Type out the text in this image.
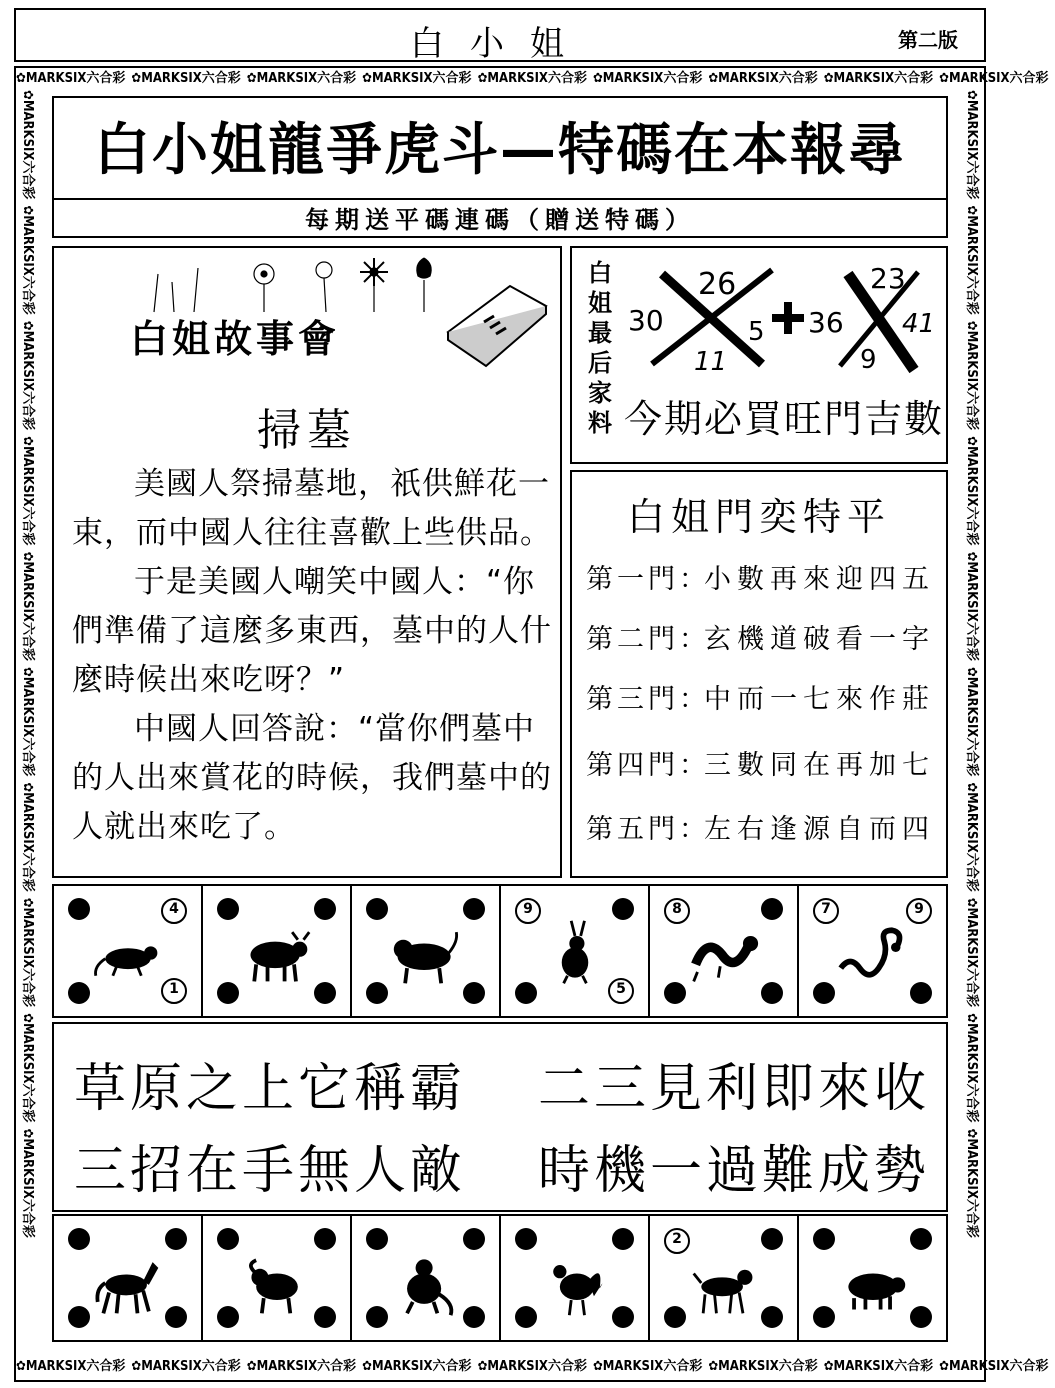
白小姐	第二版
✿MARKSIX六合彩 ✿MARKSIX六合彩 ✿MARKSIX六合彩 ✿MARKSIX六合彩 ✿MARKSIX六合彩 ✿MARKSIX六合彩 ✿MARKSIX六合彩 ✿MARKSIX六合彩 ✿MARKSIX六合彩
✿MARKSIX六合彩 ✿MARKSIX六合彩 ✿MARKSIX六合彩 ✿MARKSIX六合彩 ✿MARKSIX六合彩 ✿MARKSIX六合彩 ✿MARKSIX六合彩 ✿MARKSIX六合彩 ✿MARKSIX六合彩
✿MARKSIX六合彩✿MARKSIX六合彩✿MARKSIX六合彩✿MARKSIX六合彩✿MARKSIX六合彩✿MARKSIX六合彩✿MARKSIX六合彩✿MARKSIX六合彩✿MARKSIX六合彩✿MARKSIX六合彩
✿MARKSIX六合彩✿MARKSIX六合彩✿MARKSIX六合彩✿MARKSIX六合彩✿MARKSIX六合彩✿MARKSIX六合彩✿MARKSIX六合彩✿MARKSIX六合彩✿MARKSIX六合彩✿MARKSIX六合彩
白小姐龍爭虎斗—特碼在本報尋
每期送平碼連碼（贈送特碼）
白姐故事會
掃墓

美國人祭掃墓地，祇供鮮花一束，而中國人往往喜歡上些供品。

于是美國人嘲笑中國人：“你們準備了這麼多東西，墓中的人什麼時候出來吃呀？”

中國人回答說：“當你們墓中的人出來賞花的時候，我們墓中的人就出來吃了。

白姐最后家料
26
30	5
11
36
23
41
9
今期必買旺門吉數
白姐門奕特平
第一門：小數再來迎四五
第二門：玄機道破看一字
第三門：中而一七來作莊
第四門：三數同在再加七
第五門：左右逢源自而四
4
1
9
5
8	7	9
草原之上它稱霸 二三見利即來收
三招在手無人敵 時機一過難成勢
2
